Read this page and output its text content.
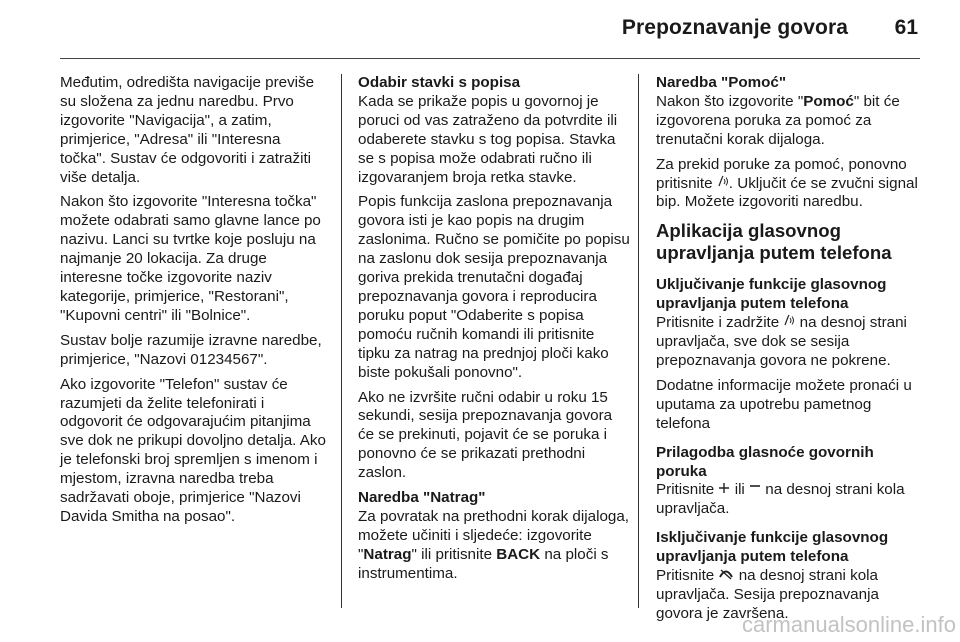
Prepoznavanje govora 61

Međutim, odredišta navigacije previše su složena za jednu naredbu. Prvo izgovorite "Navigacija", a zatim, primjerice, "Adresa" ili "Interesna točka". Sustav će odgovoriti i zatražiti više detalja.

Nakon što izgovorite "Interesna točka" možete odabrati samo glavne lance po nazivu. Lanci su tvrtke koje posluju na najmanje 20 lokacija. Za druge interesne točke izgovorite naziv kategorije, primjerice, "Restorani", "Kupovni centri" ili "Bolnice".

Sustav bolje razumije izravne naredbe, primjerice, "Nazovi 01234567".

Ako izgovorite "Telefon" sustav će razumjeti da želite telefonirati i odgovorit će odgovarajućim pitanjima sve dok ne prikupi dovoljno detalja. Ako je telefonski broj spremljen s imenom i mjestom, izravna naredba treba sadržavati oboje, primjerice "Nazovi Davida Smitha na posao".

Odabir stavki s popisa
Kada se prikaže popis u govornoj je poruci od vas zatraženo da potvrdite ili odaberete stavku s tog popisa. Stavka se s popisa može odabrati ručno ili izgovaranjem broja retka stavke.

Popis funkcija zaslona prepoznavanja govora isti je kao popis na drugim zaslonima. Ručno se pomičite po popisu na zaslonu dok sesija prepoznavanja goriva prekida trenutačni događaj prepoznavanja govora i reproducira poruku poput "Odaberite s popisa pomoću ručnih komandi ili pritisnite tipku za natrag na prednjoj ploči kako biste pokušali ponovno".

Ako ne izvršite ručni odabir u roku 15 sekundi, sesija prepoznavanja govora će se prekinuti, pojavit će se poruka i ponovno će se prikazati prethodni zaslon.

Naredba "Natrag"
Za povratak na prethodni korak dijaloga, možete učiniti i sljedeće: izgovorite "Natrag" ili pritisnite BACK na ploči s instrumentima.

Naredba "Pomoć"
Nakon što izgovorite "Pomoć" bit će izgovorena poruka za pomoć za trenutačni korak dijaloga.

Za prekid poruke za pomoć, ponovno pritisnite . Uključit će se zvučni signal bip. Možete izgovoriti naredbu.

Aplikacija glasovnog upravljanja putem telefona
Uključivanje funkcije glasovnog upravljanja putem telefona

Pritisnite i zadržite  na desnoj strani upravljača, sve dok se sesija prepoznavanja govora ne pokrene.

Dodatne informacije možete pronaći u uputama za upotrebu pametnog telefona

Prilagodba glasnoće govornih poruka

Pritisnite  ili  na desnoj strani kola upravljača.

Isključivanje funkcije glasovnog upravljanja putem telefona

Pritisnite  na desnoj strani kola upravljača. Sesija prepoznavanja govora je završena.

carmanualsonline.info
